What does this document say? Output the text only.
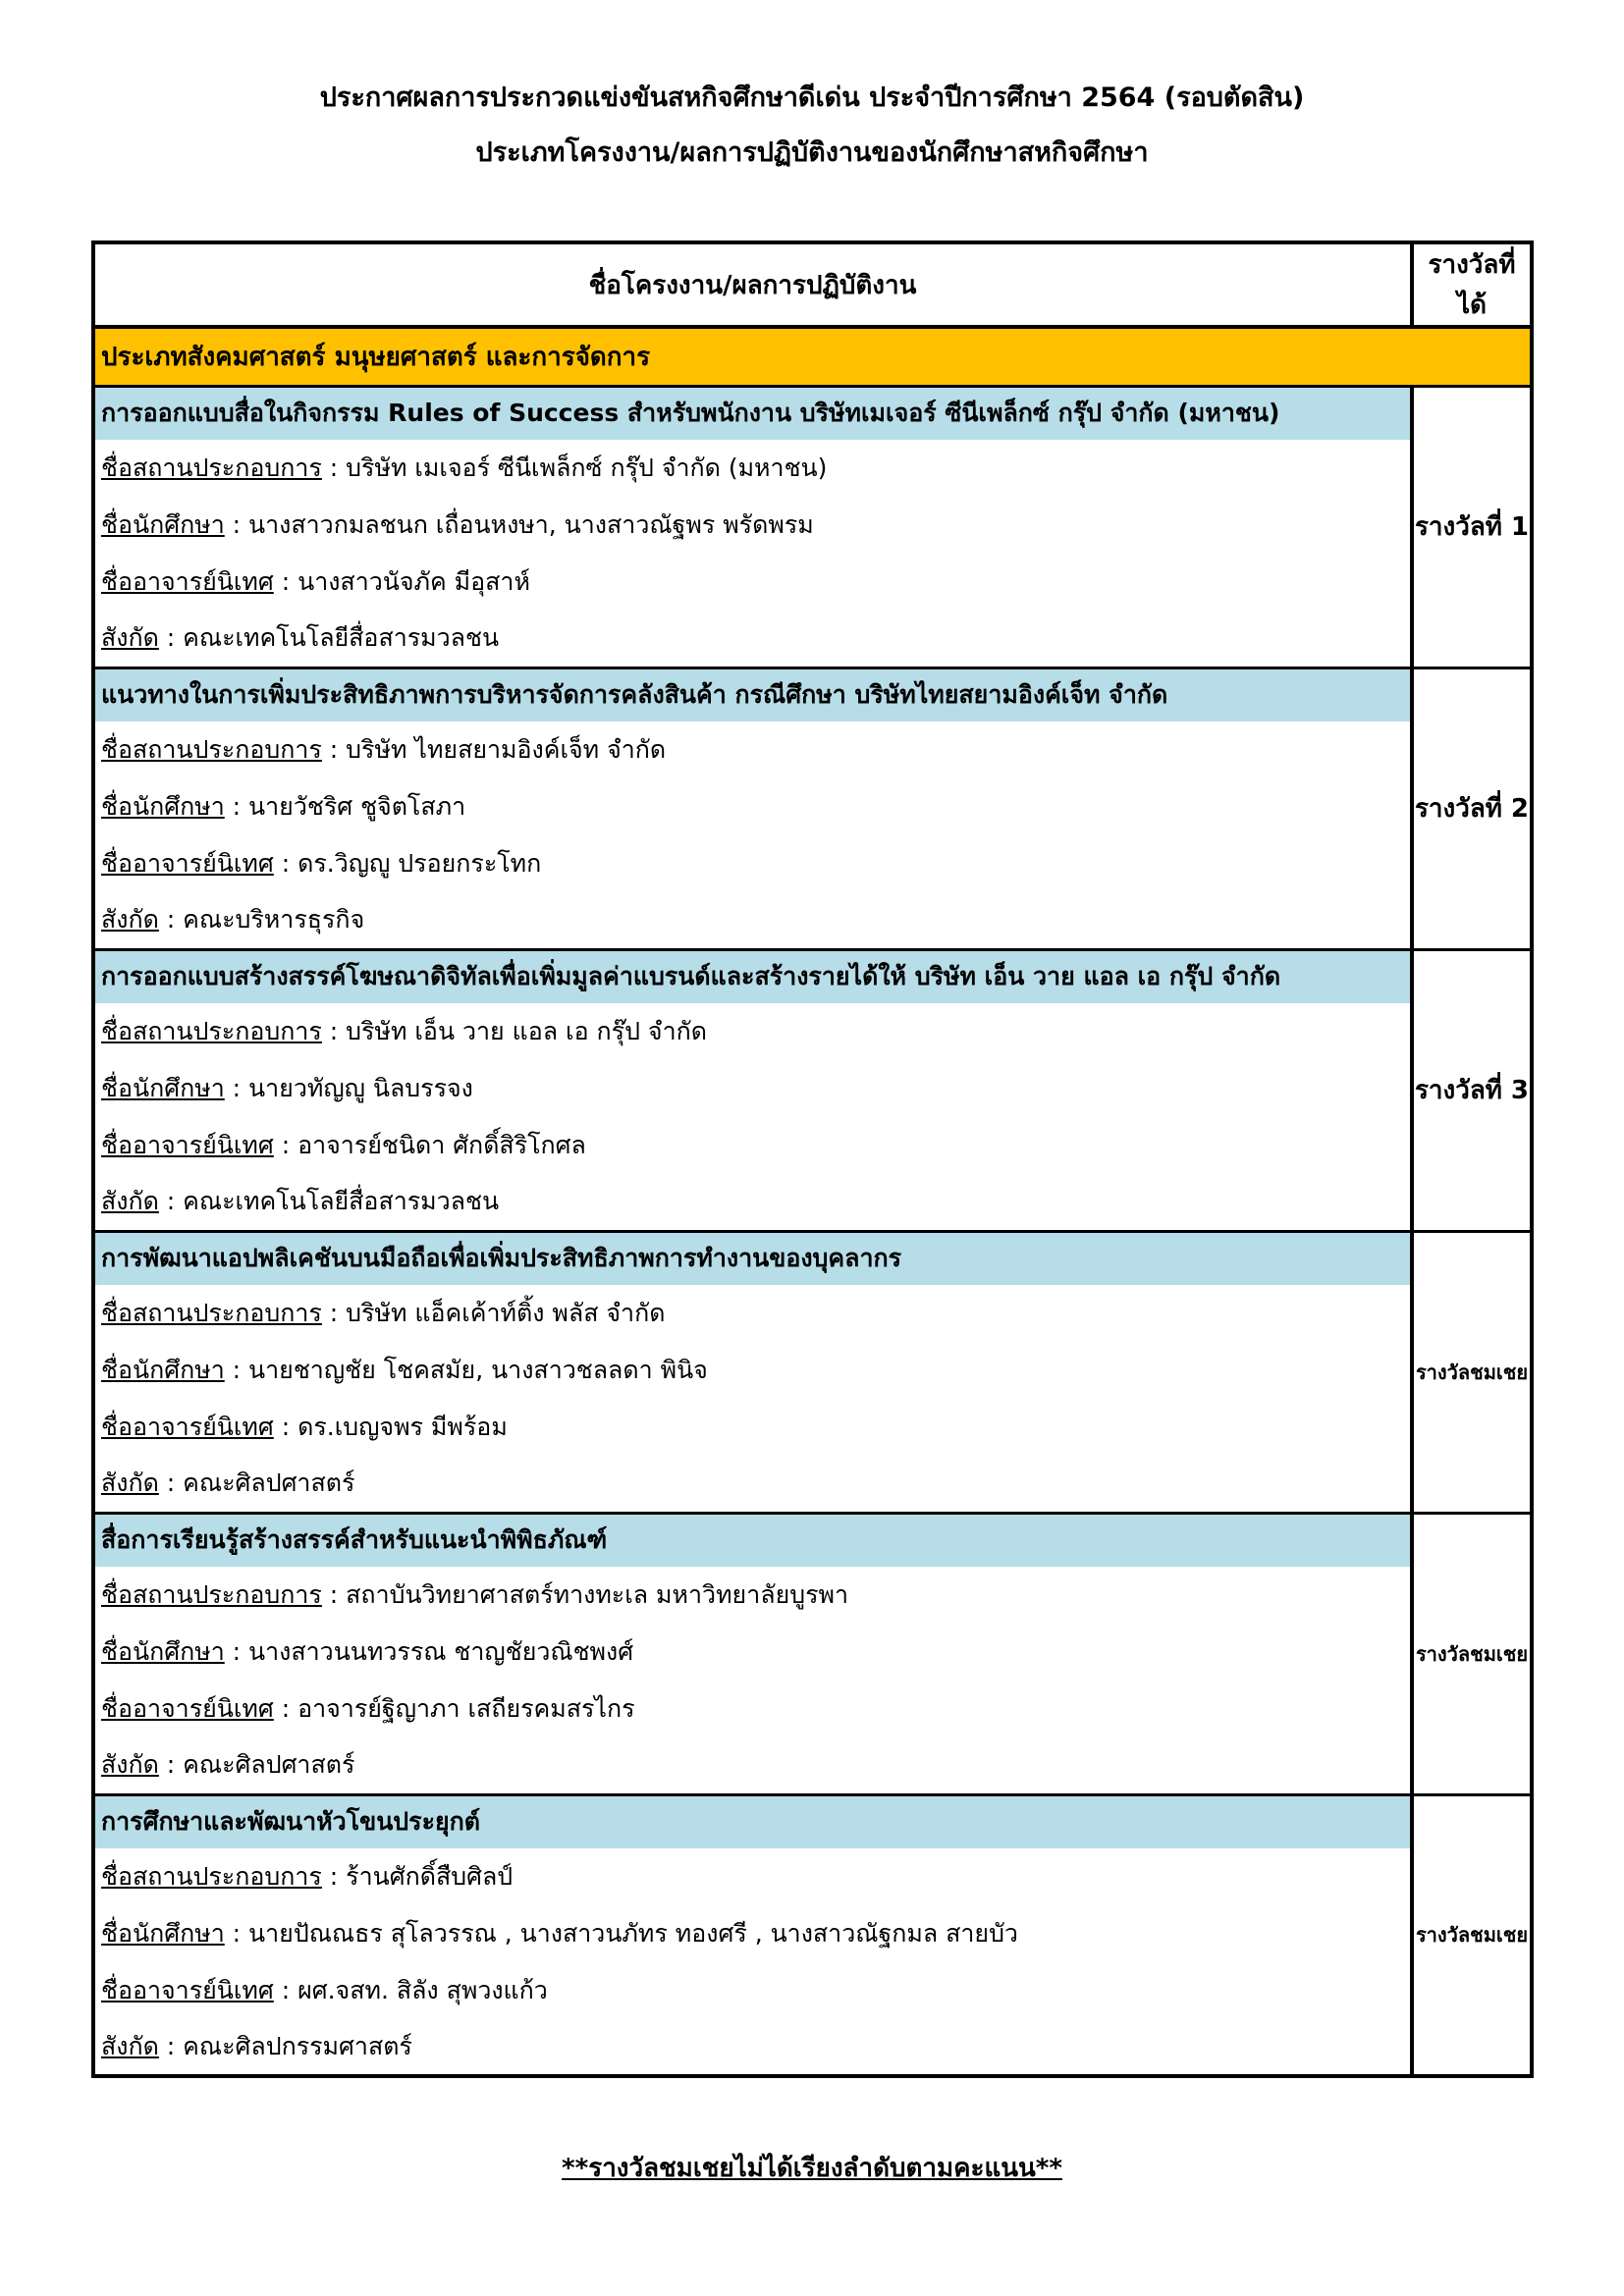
ประกาศผลการประกวดแข่งขันสหกิจศึกษาดีเด่น ประจำปีการศึกษา 2564 (รอบตัดสิน)
ประเภทโครงงาน/ผลการปฏิบัติงานของนักศึกษาสหกิจศึกษา
ชื่อโครงงาน/ผลการปฏิบัติงาน	รางวัลที่ได้
ประเภทสังคมศาสตร์ มนุษยศาสตร์ และการจัดการ	
การออกแบบสื่อในกิจกรรม Rules of Success สำหรับพนักงาน บริษัทเมเจอร์ ซีนีเพล็กซ์ กรุ๊ป จำกัด (มหาชน)	รางวัลที่ 1
ชื่อสถานประกอบการ : บริษัท เมเจอร์ ซีนีเพล็กซ์ กรุ๊ป จำกัด (มหาชน)	
ชื่อนักศึกษา : นางสาวกมลชนก เถื่อนหงษา, นางสาวณัฐพร พรัดพรม	
ชื่ออาจารย์นิเทศ : นางสาวนัจภัค มีอุสาห์	
สังกัด : คณะเทคโนโลยีสื่อสารมวลชน	
แนวทางในการเพิ่มประสิทธิภาพการบริหารจัดการคลังสินค้า กรณีศึกษา บริษัทไทยสยามอิงค์เจ็ท จำกัด	รางวัลที่ 2
ชื่อสถานประกอบการ : บริษัท ไทยสยามอิงค์เจ็ท จำกัด	
ชื่อนักศึกษา : นายวัชริศ ชูจิตโสภา	
ชื่ออาจารย์นิเทศ : ดร.วิญญู ปรอยกระโทก	
สังกัด : คณะบริหารธุรกิจ	
การออกแบบสร้างสรรค์โฆษณาดิจิทัลเพื่อเพิ่มมูลค่าแบรนด์และสร้างรายได้ให้ บริษัท เอ็น วาย แอล เอ กรุ๊ป จำกัด	รางวัลที่ 3
ชื่อสถานประกอบการ : บริษัท เอ็น วาย แอล เอ กรุ๊ป จำกัด	
ชื่อนักศึกษา : นายวทัญญู นิลบรรจง	
ชื่ออาจารย์นิเทศ : อาจารย์ชนิดา ศักดิ์สิริโกศล	
สังกัด : คณะเทคโนโลยีสื่อสารมวลชน	
การพัฒนาแอปพลิเคชันบนมือถือเพื่อเพิ่มประสิทธิภาพการทำงานของบุคลากร	รางวัลชมเชย
ชื่อสถานประกอบการ : บริษัท แอ็คเค้าท์ติ้ง พลัส จำกัด	
ชื่อนักศึกษา : นายชาญชัย โชคสมัย, นางสาวชลลดา พินิจ	
ชื่ออาจารย์นิเทศ : ดร.เบญจพร มีพร้อม	
สังกัด : คณะศิลปศาสตร์	
สื่อการเรียนรู้สร้างสรรค์สำหรับแนะนำพิพิธภัณฑ์	รางวัลชมเชย
ชื่อสถานประกอบการ : สถาบันวิทยาศาสตร์ทางทะเล มหาวิทยาลัยบูรพา	
ชื่อนักศึกษา : นางสาวนนทวรรณ ชาญชัยวณิชพงศ์	
ชื่ออาจารย์นิเทศ : อาจารย์ฐิญาภา เสถียรคมสรไกร	
สังกัด : คณะศิลปศาสตร์	
การศึกษาและพัฒนาหัวโขนประยุกต์	รางวัลชมเชย
ชื่อสถานประกอบการ : ร้านศักดิ์สืบศิลป์	
ชื่อนักศึกษา : นายปัณณธร สุโลวรรณ , นางสาวนภัทร ทองศรี , นางสาวณัฐกมล สายบัว	
ชื่ออาจารย์นิเทศ : ผศ.จสท. สิลัง สุพวงแก้ว	
สังกัด : คณะศิลปกรรมศาสตร์	
**รางวัลชมเชยไม่ได้เรียงลำดับตามคะแนน**
